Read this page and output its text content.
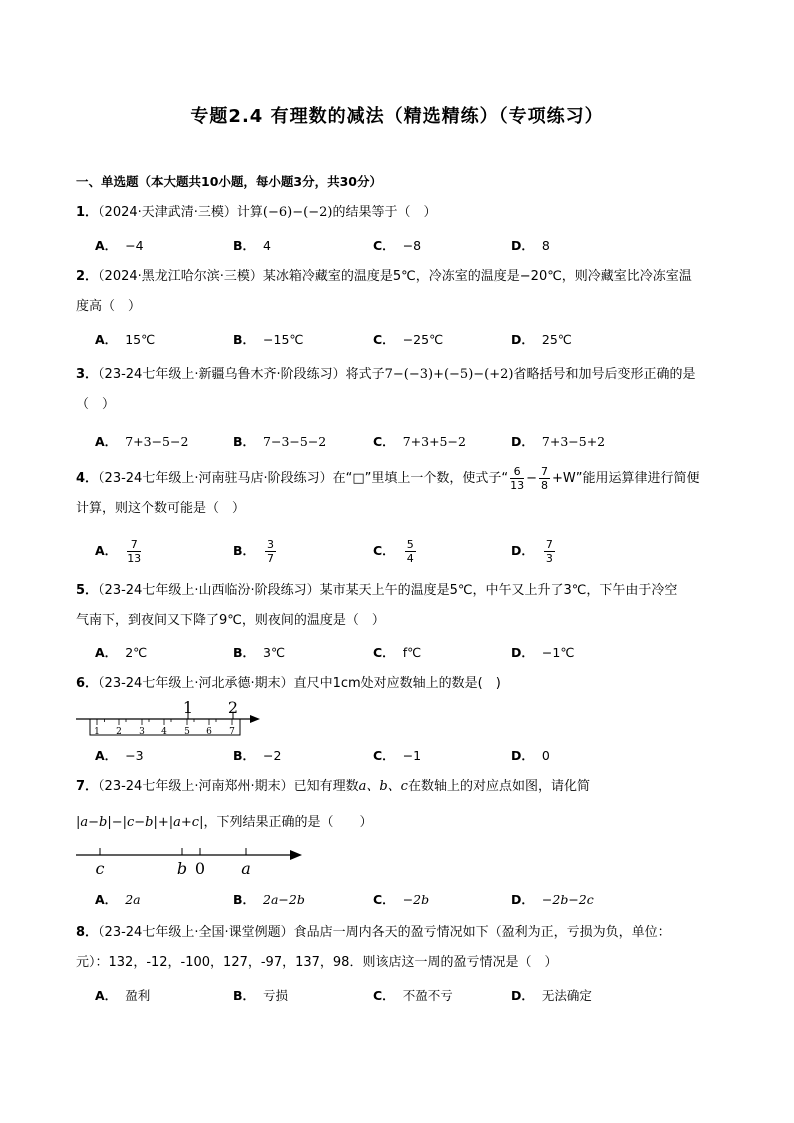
专题2.4 有理数的减法（精选精练）（专项练习）
一、单选题（本大题共10小题，每小题3分，共30分）
1．（2024·天津武清·三模）计算(−6)−(−2)的结果等于（　）
A． −4	B． 4	C． −8	D． 8
2．（2024·黑龙江哈尔滨·三模）某冰箱冷藏室的温度是5℃，冷冻室的温度是−20℃，则冷藏室比冷冻室温
度高（　）
A． 15℃	B． −15℃	C． −25℃	D． 25℃
3．（23-24七年级上·新疆乌鲁木齐·阶段练习）将式子7−(−3)+(−5)−(+2)省略括号和加号后变形正确的是
（　）
A． 7+3−5−2	B． 7−3−5−2	C． 7+3+5−2	D． 7+3−5+2
4．（23-24七年级上·河南驻马店·阶段练习）在“□”里填上一个数，使式子“ $\frac{6}{13} - \frac{7}{8} +W$”能用运算律进行简便
计算，则这个数可能是（　）
A． $\frac{7}{13}$	B． $\frac{3}{7}$	C． $\frac{5}{4}$	D． $\frac{7}{3}$
5．（23-24七年级上·山西临汾·阶段练习）某市某天上午的温度是5℃，中午又上升了3℃，下午由于冷空
气南下，到夜间又下降了9℃，则夜间的温度是（　）
A． 2℃	B． 3℃	C． f℃	D． −1℃
6．（23-24七年级上·河北承德·期末）直尺中1cm处对应数轴上的数是(　)
1 2
1 2 3 4 5 6 7
A． −3	B． −2	C． −1	D． 0
7．（23-24七年级上·河南郑州·期末）已知有理数a、b、c在数轴上的对应点如图，请化简
|a−b|−|c−b|+|a+c|，下列结果正确的是（　　）
c	b 0 a
A． 2a	B． 2a−2b	C． −2b	D． −2b−2c
8．（23-24七年级上·全国·课堂例题）食品店一周内各天的盈亏情况如下（盈利为正，亏损为负，单位：
元）：132，-12，-100，127，-97，137，98．则该店这一周的盈亏情况是（　）
A． 盈利	B． 亏损	C． 不盈不亏	D． 无法确定
